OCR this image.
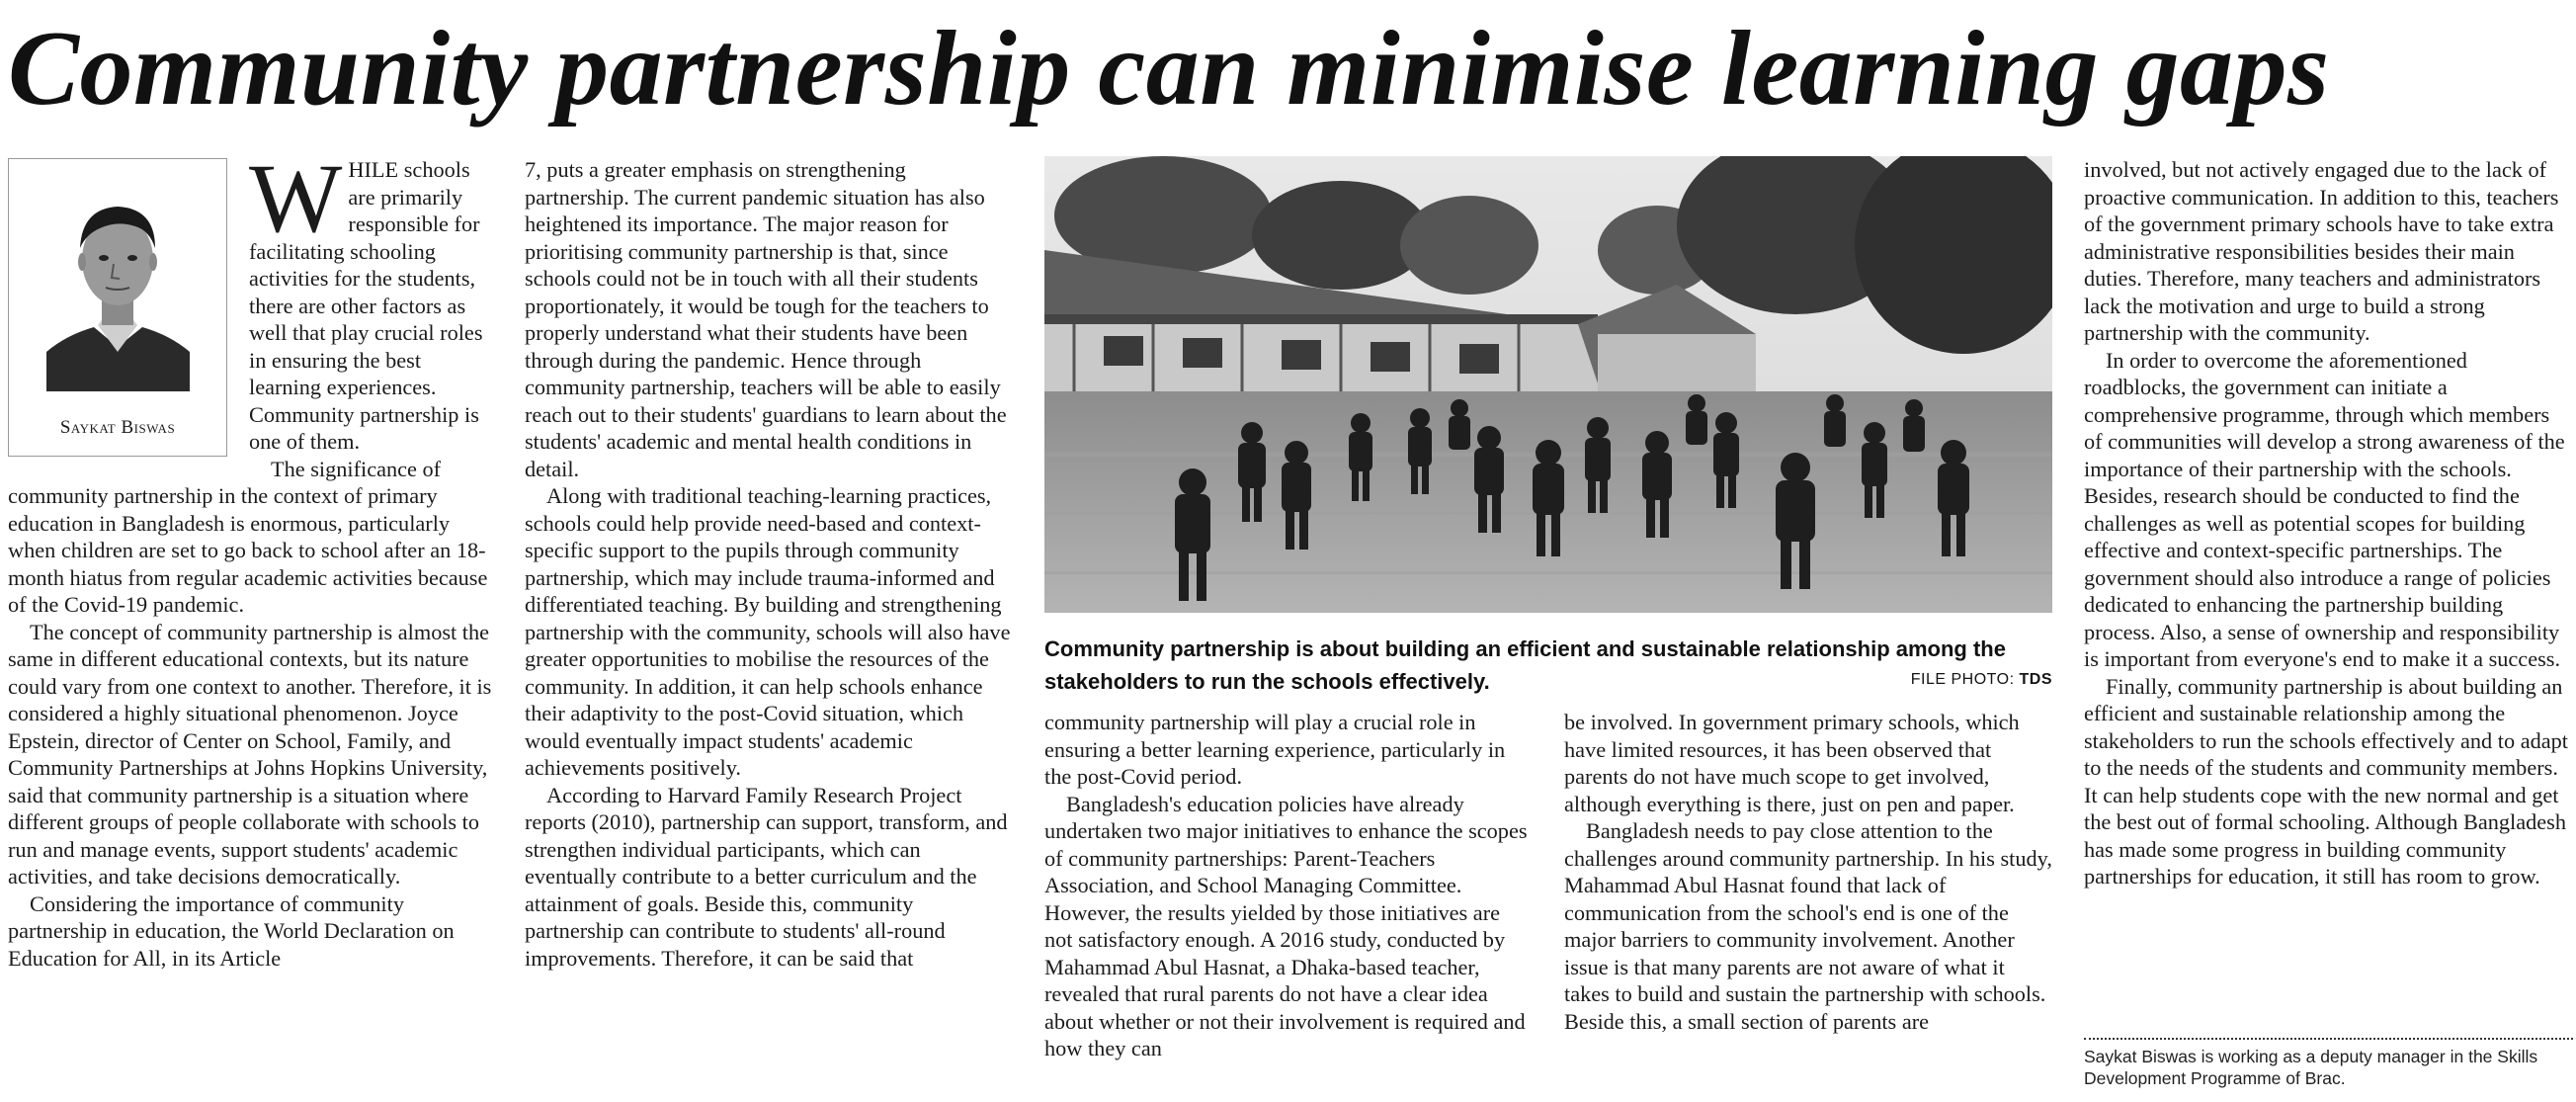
Community partnership can minimise learning gaps
Saykat Biswas

WHILE schools are primarily responsible for facilitating schooling activities for the students, there are other factors as well that play crucial roles in ensuring the best learning experiences. Community partnership is one of them.

The significance of community partnership in the context of primary education in Bangladesh is enormous, particularly when children are set to go back to school after an 18-month hiatus from regular academic activities because of the Covid-19 pandemic.

The concept of community partnership is almost the same in different educational contexts, but its nature could vary from one context to another. Therefore, it is considered a highly situational phenomenon. Joyce Epstein, director of Center on School, Family, and Community Partnerships at Johns Hopkins University, said that community partnership is a situation where different groups of people collaborate with schools to run and manage events, support students' academic activities, and take decisions democratically.

Considering the importance of community partnership in education, the World Declaration on Education for All, in its Article

7, puts a greater emphasis on strengthening partnership. The current pandemic situation has also heightened its importance. The major reason for prioritising community partnership is that, since schools could not be in touch with all their students proportionately, it would be tough for the teachers to properly understand what their students have been through during the pandemic. Hence through community partnership, teachers will be able to easily reach out to their students' guardians to learn about the students' academic and mental health conditions in detail.

Along with traditional teaching-learning practices, schools could help provide need-based and context-specific support to the pupils through community partnership, which may include trauma-informed and differentiated teaching. By building and strengthening partnership with the community, schools will also have greater opportunities to mobilise the resources of the community. In addition, it can help schools enhance their adaptivity to the post-Covid situation, which would eventually impact students' academic achievements positively.

According to Harvard Family Research Project reports (2010), partnership can support, transform, and strengthen individual participants, which can eventually contribute to a better curriculum and the attainment of goals. Beside this, community partnership can contribute to students' all-round improvements. Therefore, it can be said that

Community partnership is about building an efficient and sustainable relationship among the stakeholders to run the schools effectively.	FILE PHOTO: TDS

community partnership will play a crucial role in ensuring a better learning experience, particularly in the post-Covid period.

Bangladesh's education policies have already undertaken two major initiatives to enhance the scopes of community partnerships: Parent-Teachers Association, and School Managing Committee. However, the results yielded by those initiatives are not satisfactory enough. A 2016 study, conducted by Mahammad Abul Hasnat, a Dhaka-based teacher, revealed that rural parents do not have a clear idea about whether or not their involvement is required and how they can

be involved. In government primary schools, which have limited resources, it has been observed that parents do not have much scope to get involved, although everything is there, just on pen and paper.

Bangladesh needs to pay close attention to the challenges around community partnership. In his study, Mahammad Abul Hasnat found that lack of communication from the school's end is one of the major barriers to community involvement. Another issue is that many parents are not aware of what it takes to build and sustain the partnership with schools. Beside this, a small section of parents are

involved, but not actively engaged due to the lack of proactive communication. In addition to this, teachers of the government primary schools have to take extra administrative responsibilities besides their main duties. Therefore, many teachers and administrators lack the motivation and urge to build a strong partnership with the community.

In order to overcome the aforementioned roadblocks, the government can initiate a comprehensive programme, through which members of communities will develop a strong awareness of the importance of their partnership with the schools. Besides, research should be conducted to find the challenges as well as potential scopes for building effective and context-specific partnerships. The government should also introduce a range of policies dedicated to enhancing the partnership building process. Also, a sense of ownership and responsibility is important from everyone's end to make it a success.

Finally, community partnership is about building an efficient and sustainable relationship among the stakeholders to run the schools effectively and to adapt to the needs of the students and community members. It can help students cope with the new normal and get the best out of formal schooling. Although Bangladesh has made some progress in building community partnerships for education, it still has room to grow.

Saykat Biswas is working as a deputy manager in the Skills Development Programme of Brac.
